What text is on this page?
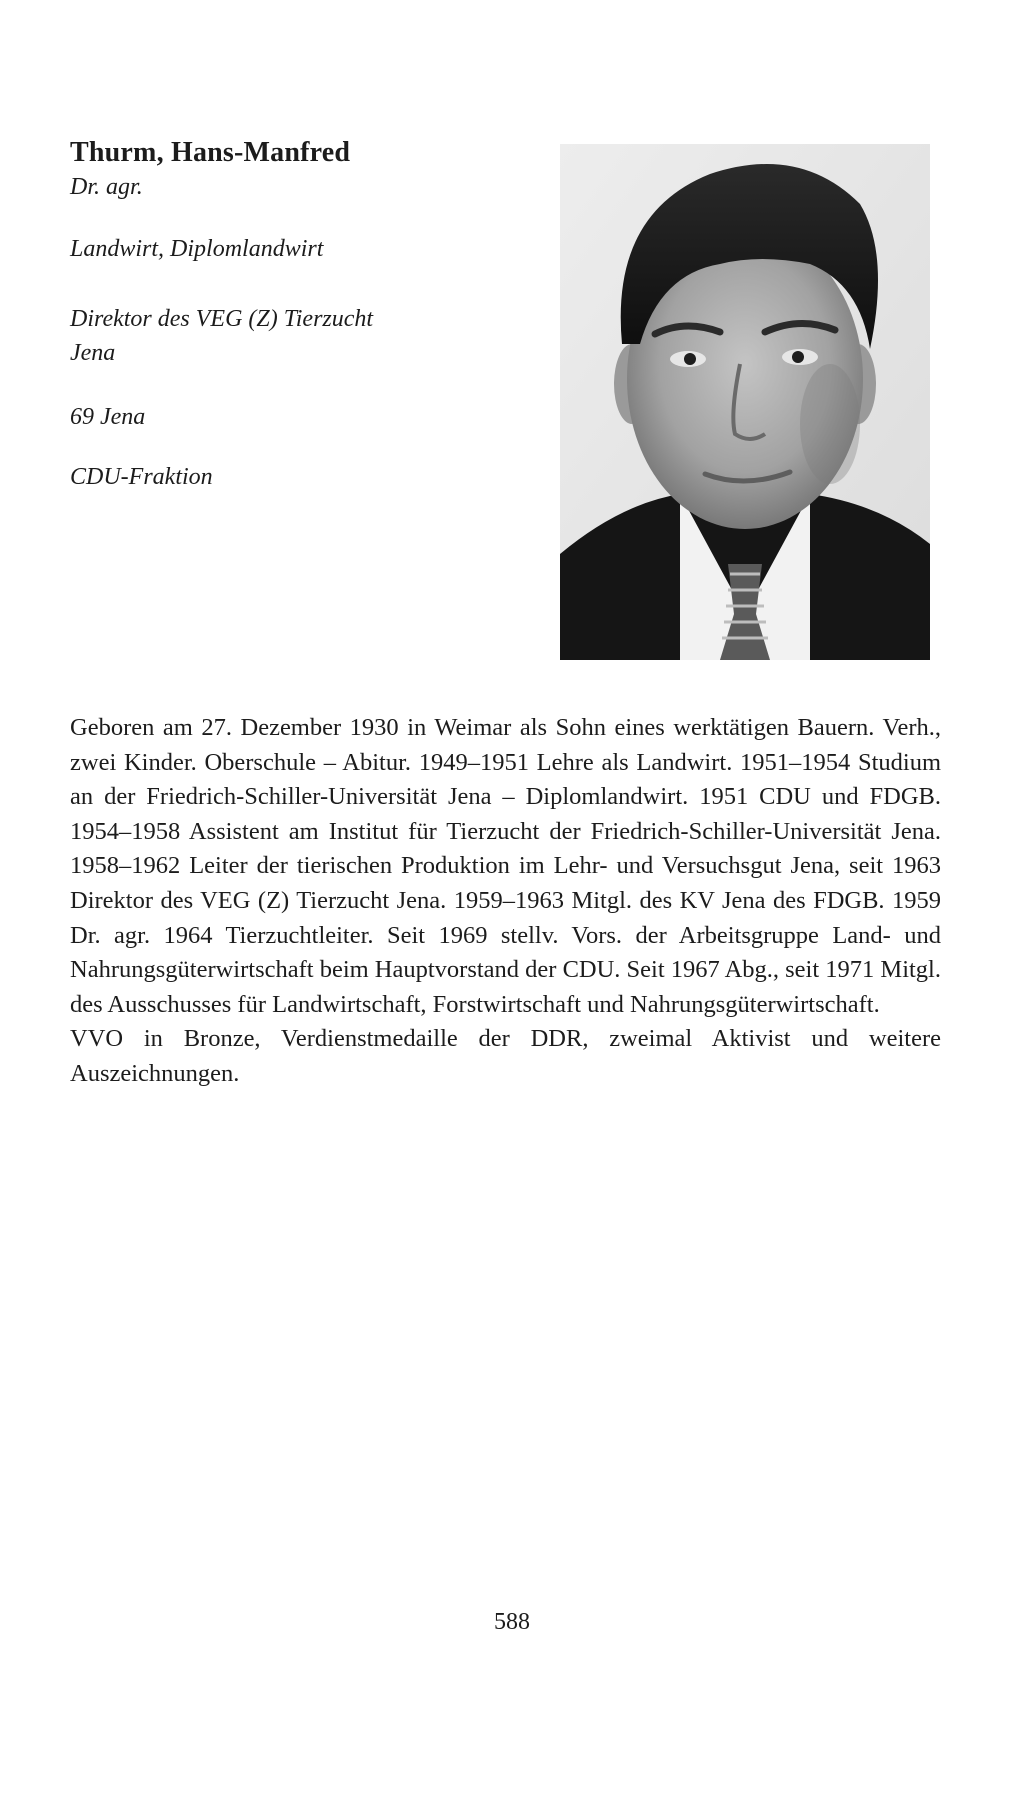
Thurm, Hans-Manfred

Dr. agr.

Landwirt, Diplomlandwirt

Direktor des VEG (Z) Tierzucht

Jena

69 Jena

CDU-Fraktion

Geboren am 27. Dezember 1930 in Weimar als Sohn eines werktätigen Bauern. Verh., zwei Kinder. Oberschule – Abitur. 1949–1951 Lehre als Landwirt. 1951–1954 Studium an der Friedrich-Schiller-Universität Jena – Diplomlandwirt. 1951 CDU und FDGB. 1954–1958 Assistent am Institut für Tierzucht der Friedrich-Schiller-Universität Jena. 1958–1962 Leiter der tierischen Produktion im Lehr- und Versuchsgut Jena, seit 1963 Direktor des VEG (Z) Tierzucht Jena. 1959–1963 Mitgl. des KV Jena des FDGB. 1959 Dr. agr. 1964 Tierzuchtleiter. Seit 1969 stellv. Vors. der Arbeitsgruppe Land- und Nahrungsgüterwirtschaft beim Hauptvorstand der CDU. Seit 1967 Abg., seit 1971 Mitgl. des Ausschusses für Landwirtschaft, Forstwirtschaft und Nahrungsgüterwirtschaft.

VVO in Bronze, Verdienstmedaille der DDR, zweimal Aktivist und weitere Auszeichnungen.

588
